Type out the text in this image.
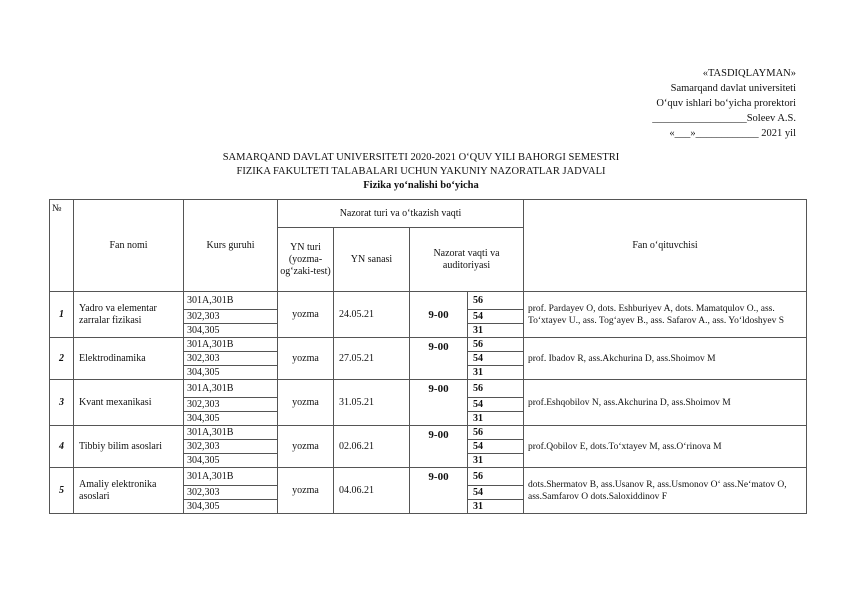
«TASDIQLAYMAN»
Samarqand davlat universiteti
O‘quv ishlari bo‘yicha prorektori
__________________Soleev A.S.
«___»____________ 2021 yil
SAMARQAND DAVLAT UNIVERSITETI 2020-2021 O‘QUV YILI BAHORGI SEMESTRI
FIZIKA FAKULTETI TALABALARI UCHUN YAKUNIY NAZORATLAR JADVALI
Fizika yo‘nalishi bo‘yicha
№	Fan nomi	Kurs guruhi	Nazorat turi va o‘tkazish vaqti				Fan o‘qituvchisi
			YN turi (yozma-og‘zaki-test)	YN sanasi	Nazorat vaqti va auditoriyasi		
1	Yadro va elementar zarralar fizikasi	301A,301B	yozma	24.05.21	9-00	56	prof. Pardayev O, dots. Eshburiyev A, dots. Mamatqulov O., ass. To‘xtayev U., ass. Tog‘ayev B., ass. Safarov A., ass. Yo‘ldoshyev S
		302,303				54	
		304,305				31	
2	Elektrodinamika	301A,301B	yozma	27.05.21	9-00	56	prof. Ibadov R, ass.Akchurina D, ass.Shoimov M
		302,303				54	
		304,305				31	
3	Kvant mexanikasi	301A,301B	yozma	31.05.21	9-00	56	prof.Eshqobilov N, ass.Akchurina D, ass.Shoimov M
		302,303				54	
		304,305				31	
4	Tibbiy bilim asoslari	301A,301B	yozma	02.06.21	9-00	56	prof.Qobilov E, dots.To‘xtayev M, ass.O‘rinova M
		302,303				54	
		304,305				31	
5	Amaliy elektronika asoslari	301A,301B	yozma	04.06.21	9-00	56	dots.Shermatov B, ass.Usanov R, ass.Usmonov O‘ ass.Ne‘matov O, ass.Samfarov O dots.Saloxiddinov F
		302,303				54	
		304,305				31	
